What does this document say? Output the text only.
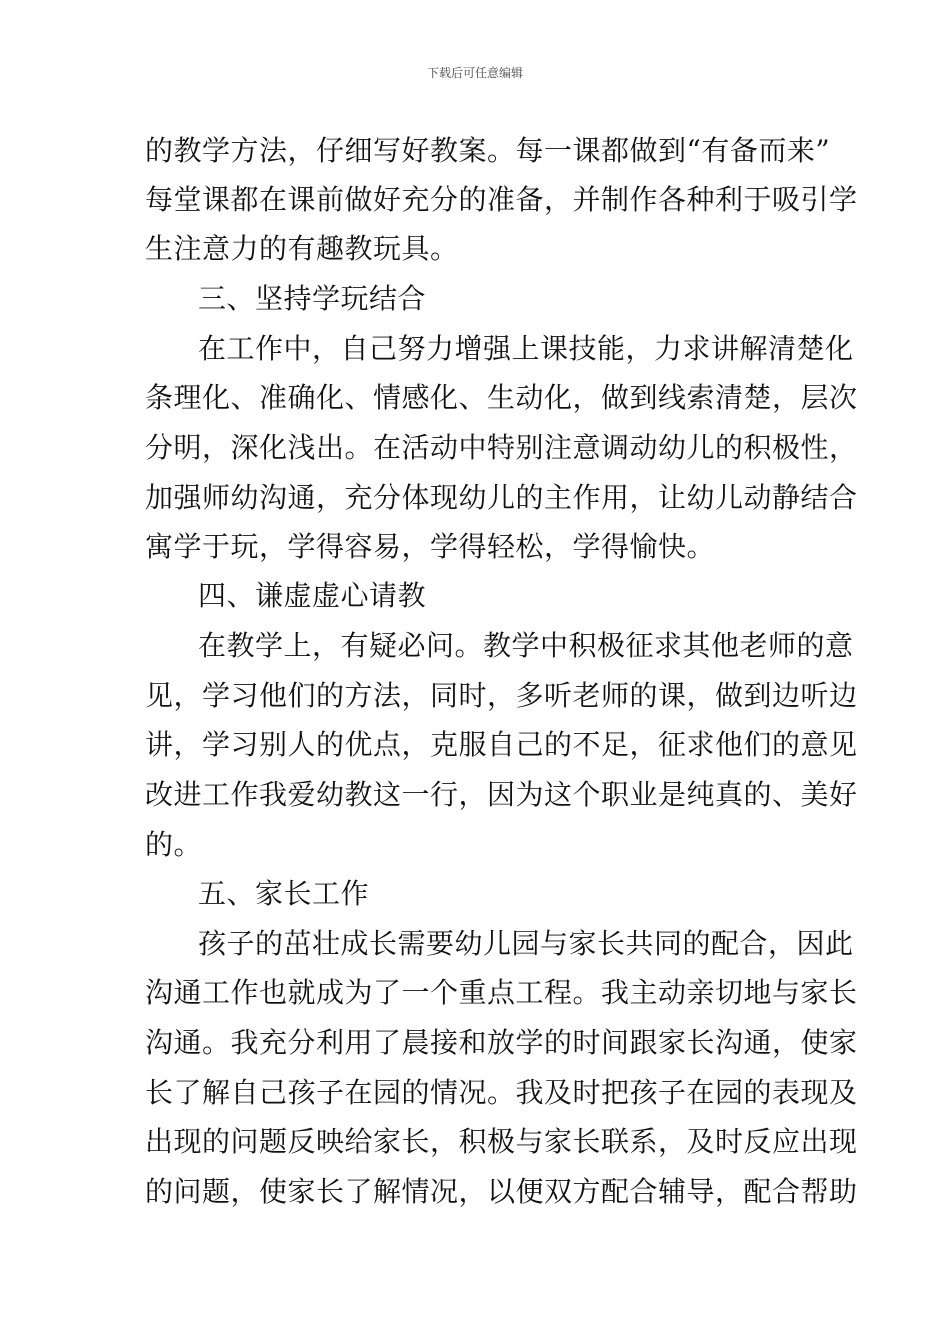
下载后可任意编辑
的教学方法，仔细写好教案。每一课都做到“有备而来”
每堂课都在课前做好充分的准备，并制作各种利于吸引学
生注意力的有趣教玩具。
三、坚持学玩结合
在工作中，自己努力增强上课技能，力求讲解清楚化
条理化、准确化、情感化、生动化，做到线索清楚，层次
分明，深化浅出。在活动中特别注意调动幼儿的积极性，
加强师幼沟通，充分体现幼儿的主作用，让幼儿动静结合
寓学于玩，学得容易，学得轻松，学得愉快。
四、谦虚虚心请教
在教学上，有疑必问。教学中积极征求其他老师的意
见，学习他们的方法，同时，多听老师的课，做到边听边
讲，学习别人的优点，克服自己的不足，征求他们的意见
改进工作我爱幼教这一行，因为这个职业是纯真的、美好
的。
五、家长工作
孩子的茁壮成长需要幼儿园与家长共同的配合，因此
沟通工作也就成为了一个重点工程。我主动亲切地与家长
沟通。我充分利用了晨接和放学的时间跟家长沟通，使家
长了解自己孩子在园的情况。我及时把孩子在园的表现及
出现的问题反映给家长，积极与家长联系，及时反应出现
的问题，使家长了解情况，以便双方配合辅导，配合帮助
